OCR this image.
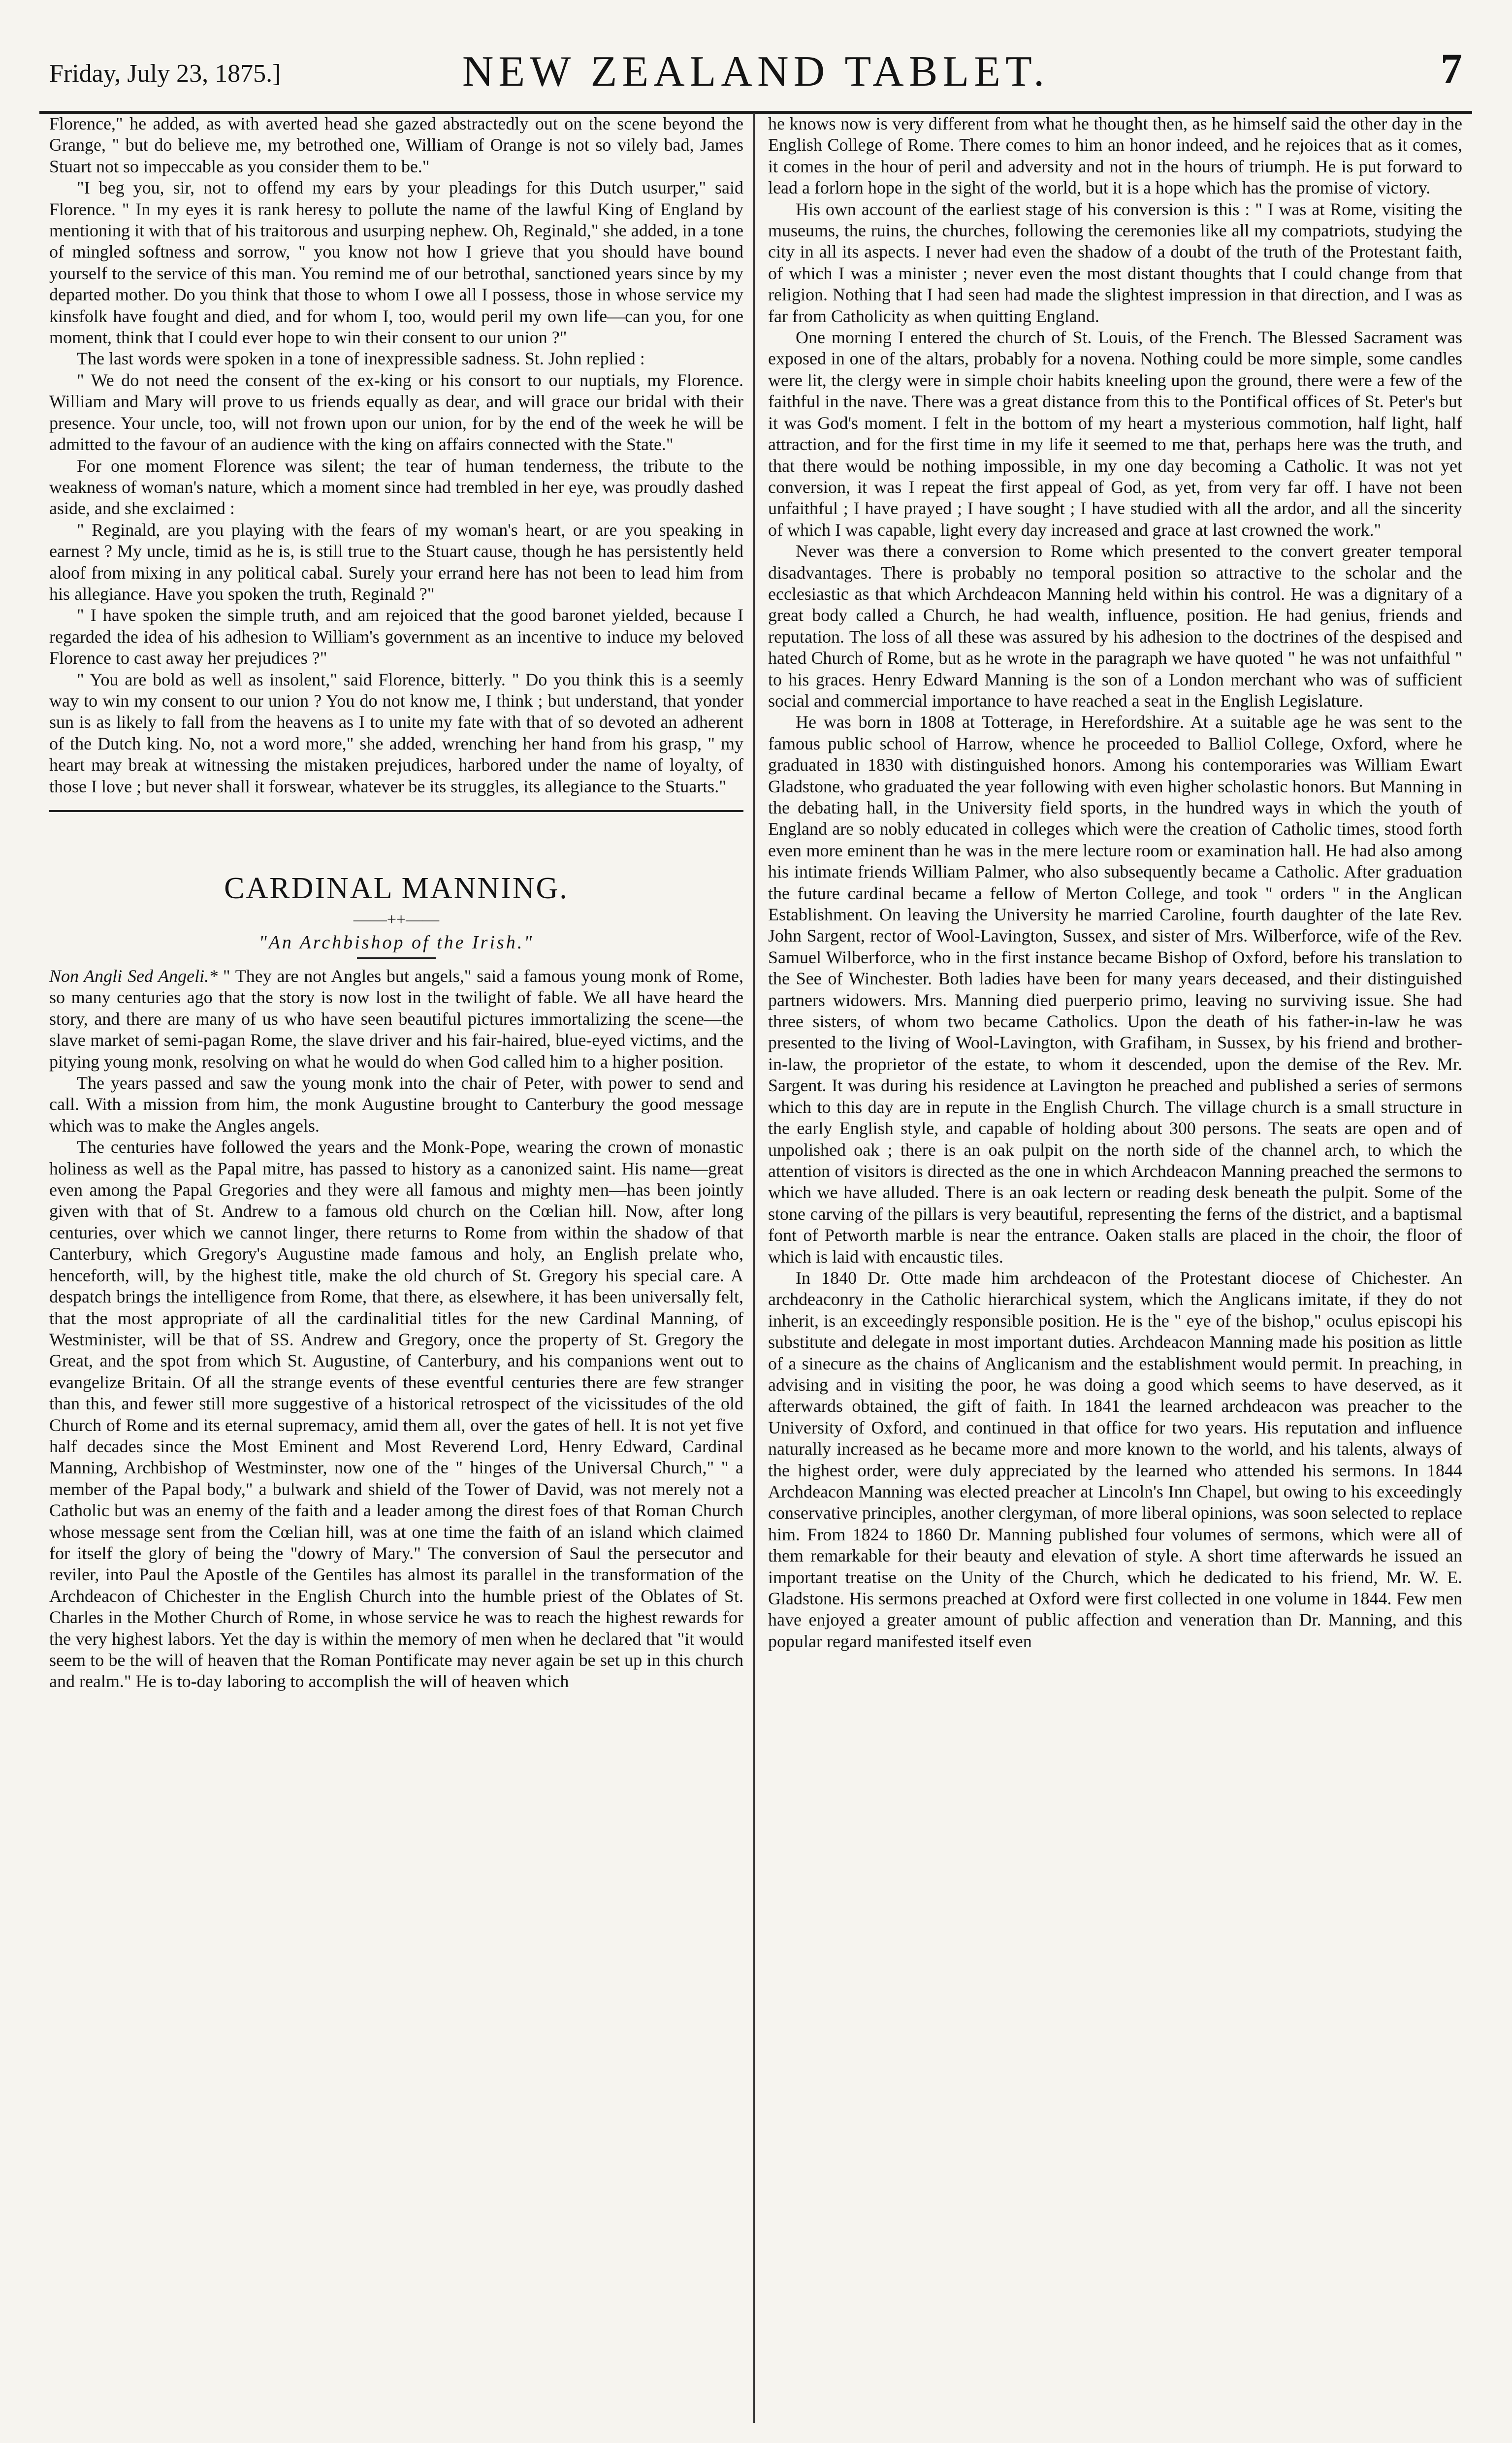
Friday, July 23, 1875.]	NEW ZEALAND TABLET.	7

Florence," he added, as with averted head she gazed abstractedly out on the scene beyond the Grange, " but do believe me, my betrothed one, William of Orange is not so vilely bad, James Stuart not so impeccable as you consider them to be."

"I beg you, sir, not to offend my ears by your pleadings for this Dutch usurper," said Florence. " In my eyes it is rank heresy to pollute the name of the lawful King of England by mentioning it with that of his traitorous and usurping nephew. Oh, Reginald," she added, in a tone of mingled softness and sorrow, " you know not how I grieve that you should have bound yourself to the service of this man. You remind me of our betrothal, sanctioned years since by my departed mother. Do you think that those to whom I owe all I possess, those in whose service my kinsfolk have fought and died, and for whom I, too, would peril my own life—can you, for one moment, think that I could ever hope to win their consent to our union ?"

The last words were spoken in a tone of inexpressible sadness. St. John replied :

" We do not need the consent of the ex-king or his consort to our nuptials, my Florence. William and Mary will prove to us friends equally as dear, and will grace our bridal with their presence. Your uncle, too, will not frown upon our union, for by the end of the week he will be admitted to the favour of an audience with the king on affairs connected with the State."

For one moment Florence was silent; the tear of human tenderness, the tribute to the weakness of woman's nature, which a moment since had trembled in her eye, was proudly dashed aside, and she exclaimed :

" Reginald, are you playing with the fears of my woman's heart, or are you speaking in earnest ? My uncle, timid as he is, is still true to the Stuart cause, though he has persistently held aloof from mixing in any political cabal. Surely your errand here has not been to lead him from his allegiance. Have you spoken the truth, Reginald ?"

" I have spoken the simple truth, and am rejoiced that the good baronet yielded, because I regarded the idea of his adhesion to William's government as an incentive to induce my beloved Florence to cast away her prejudices ?"

" You are bold as well as insolent," said Florence, bitterly. " Do you think this is a seemly way to win my consent to our union ? You do not know me, I think ; but understand, that yonder sun is as likely to fall from the heavens as I to unite my fate with that of so devoted an adherent of the Dutch king. No, not a word more," she added, wrenching her hand from his grasp, " my heart may break at witnessing the mistaken prejudices, harbored under the name of loyalty, of those I love ; but never shall it forswear, whatever be its struggles, its allegiance to the Stuarts."

CARDINAL MANNING.
——++——
"An Archbishop of the Irish."

Non Angli Sed Angeli.* " They are not Angles but angels," said a famous young monk of Rome, so many centuries ago that the story is now lost in the twilight of fable. We all have heard the story, and there are many of us who have seen beautiful pictures immortalizing the scene—the slave market of semi-pagan Rome, the slave driver and his fair-haired, blue-eyed victims, and the pitying young monk, resolving on what he would do when God called him to a higher position.

The years passed and saw the young monk into the chair of Peter, with power to send and call. With a mission from him, the monk Augustine brought to Canterbury the good message which was to make the Angles angels.

The centuries have followed the years and the Monk-Pope, wearing the crown of monastic holiness as well as the Papal mitre, has passed to history as a canonized saint. His name—great even among the Papal Gregories and they were all famous and mighty men—has been jointly given with that of St. Andrew to a famous old church on the Cœlian hill. Now, after long centuries, over which we cannot linger, there returns to Rome from within the shadow of that Canterbury, which Gregory's Augustine made famous and holy, an English prelate who, henceforth, will, by the highest title, make the old church of St. Gregory his special care. A despatch brings the intelligence from Rome, that there, as elsewhere, it has been universally felt, that the most appropriate of all the cardinalitial titles for the new Cardinal Manning, of Westminister, will be that of SS. Andrew and Gregory, once the property of St. Gregory the Great, and the spot from which St. Augustine, of Canterbury, and his companions went out to evangelize Britain. Of all the strange events of these eventful centuries there are few stranger than this, and fewer still more suggestive of a historical retrospect of the vicissitudes of the old Church of Rome and its eternal supremacy, amid them all, over the gates of hell. It is not yet five half decades since the Most Eminent and Most Reverend Lord, Henry Edward, Cardinal Manning, Archbishop of Westminster, now one of the " hinges of the Universal Church," " a member of the Papal body," a bulwark and shield of the Tower of David, was not merely not a Catholic but was an enemy of the faith and a leader among the direst foes of that Roman Church whose message sent from the Cœlian hill, was at one time the faith of an island which claimed for itself the glory of being the "dowry of Mary." The conversion of Saul the persecutor and reviler, into Paul the Apostle of the Gentiles has almost its parallel in the transformation of the Archdeacon of Chichester in the English Church into the humble priest of the Oblates of St. Charles in the Mother Church of Rome, in whose service he was to reach the highest rewards for the very highest labors. Yet the day is within the memory of men when he declared that "it would seem to be the will of heaven that the Roman Pontificate may never again be set up in this church and realm." He is to-day laboring to accomplish the will of heaven which

he knows now is very different from what he thought then, as he himself said the other day in the English College of Rome. There comes to him an honor indeed, and he rejoices that as it comes, it comes in the hour of peril and adversity and not in the hours of triumph. He is put forward to lead a forlorn hope in the sight of the world, but it is a hope which has the promise of victory.

His own account of the earliest stage of his conversion is this : " I was at Rome, visiting the museums, the ruins, the churches, following the ceremonies like all my compatriots, studying the city in all its aspects. I never had even the shadow of a doubt of the truth of the Protestant faith, of which I was a minister ; never even the most distant thoughts that I could change from that religion. Nothing that I had seen had made the slightest impression in that direction, and I was as far from Catholicity as when quitting England.

One morning I entered the church of St. Louis, of the French. The Blessed Sacrament was exposed in one of the altars, probably for a novena. Nothing could be more simple, some candles were lit, the clergy were in simple choir habits kneeling upon the ground, there were a few of the faithful in the nave. There was a great distance from this to the Pontifical offices of St. Peter's but it was God's moment. I felt in the bottom of my heart a mysterious commotion, half light, half attraction, and for the first time in my life it seemed to me that, perhaps here was the truth, and that there would be nothing impossible, in my one day becoming a Catholic. It was not yet conversion, it was I repeat the first appeal of God, as yet, from very far off. I have not been unfaithful ; I have prayed ; I have sought ; I have studied with all the ardor, and all the sincerity of which I was capable, light every day increased and grace at last crowned the work."

Never was there a conversion to Rome which presented to the convert greater temporal disadvantages. There is probably no temporal position so attractive to the scholar and the ecclesiastic as that which Archdeacon Manning held within his control. He was a dignitary of a great body called a Church, he had wealth, influence, position. He had genius, friends and reputation. The loss of all these was assured by his adhesion to the doctrines of the despised and hated Church of Rome, but as he wrote in the paragraph we have quoted " he was not unfaithful " to his graces. Henry Edward Manning is the son of a London merchant who was of sufficient social and commercial importance to have reached a seat in the English Legislature.

He was born in 1808 at Totterage, in Herefordshire. At a suitable age he was sent to the famous public school of Harrow, whence he proceeded to Balliol College, Oxford, where he graduated in 1830 with distinguished honors. Among his contemporaries was William Ewart Gladstone, who graduated the year following with even higher scholastic honors. But Manning in the debating hall, in the University field sports, in the hundred ways in which the youth of England are so nobly educated in colleges which were the creation of Catholic times, stood forth even more eminent than he was in the mere lecture room or examination hall. He had also among his intimate friends William Palmer, who also subsequently became a Catholic. After graduation the future cardinal became a fellow of Merton College, and took " orders " in the Anglican Establishment. On leaving the University he married Caroline, fourth daughter of the late Rev. John Sargent, rector of Wool-Lavington, Sussex, and sister of Mrs. Wilberforce, wife of the Rev. Samuel Wilberforce, who in the first instance became Bishop of Oxford, before his translation to the See of Winchester. Both ladies have been for many years deceased, and their distinguished partners widowers. Mrs. Manning died puerperio primo, leaving no surviving issue. She had three sisters, of whom two became Catholics. Upon the death of his father-in-law he was presented to the living of Wool-Lavington, with Grafiham, in Sussex, by his friend and brother-in-law, the proprietor of the estate, to whom it descended, upon the demise of the Rev. Mr. Sargent. It was during his residence at Lavington he preached and published a series of sermons which to this day are in repute in the English Church. The village church is a small structure in the early English style, and capable of holding about 300 persons. The seats are open and of unpolished oak ; there is an oak pulpit on the north side of the channel arch, to which the attention of visitors is directed as the one in which Archdeacon Manning preached the sermons to which we have alluded. There is an oak lectern or reading desk beneath the pulpit. Some of the stone carving of the pillars is very beautiful, representing the ferns of the district, and a baptismal font of Petworth marble is near the entrance. Oaken stalls are placed in the choir, the floor of which is laid with encaustic tiles.

In 1840 Dr. Otte made him archdeacon of the Protestant diocese of Chichester. An archdeaconry in the Catholic hierarchical system, which the Anglicans imitate, if they do not inherit, is an exceedingly responsible position. He is the " eye of the bishop," oculus episcopi his substitute and delegate in most important duties. Archdeacon Manning made his position as little of a sinecure as the chains of Anglicanism and the establishment would permit. In preaching, in advising and in visiting the poor, he was doing a good which seems to have deserved, as it afterwards obtained, the gift of faith. In 1841 the learned archdeacon was preacher to the University of Oxford, and continued in that office for two years. His reputation and influence naturally increased as he became more and more known to the world, and his talents, always of the highest order, were duly appreciated by the learned who attended his sermons. In 1844 Archdeacon Manning was elected preacher at Lincoln's Inn Chapel, but owing to his exceedingly conservative principles, another clergyman, of more liberal opinions, was soon selected to replace him. From 1824 to 1860 Dr. Manning published four volumes of sermons, which were all of them remarkable for their beauty and elevation of style. A short time afterwards he issued an important treatise on the Unity of the Church, which he dedicated to his friend, Mr. W. E. Gladstone. His sermons preached at Oxford were first collected in one volume in 1844. Few men have enjoyed a greater amount of public affection and veneration than Dr. Manning, and this popular regard manifested itself even
